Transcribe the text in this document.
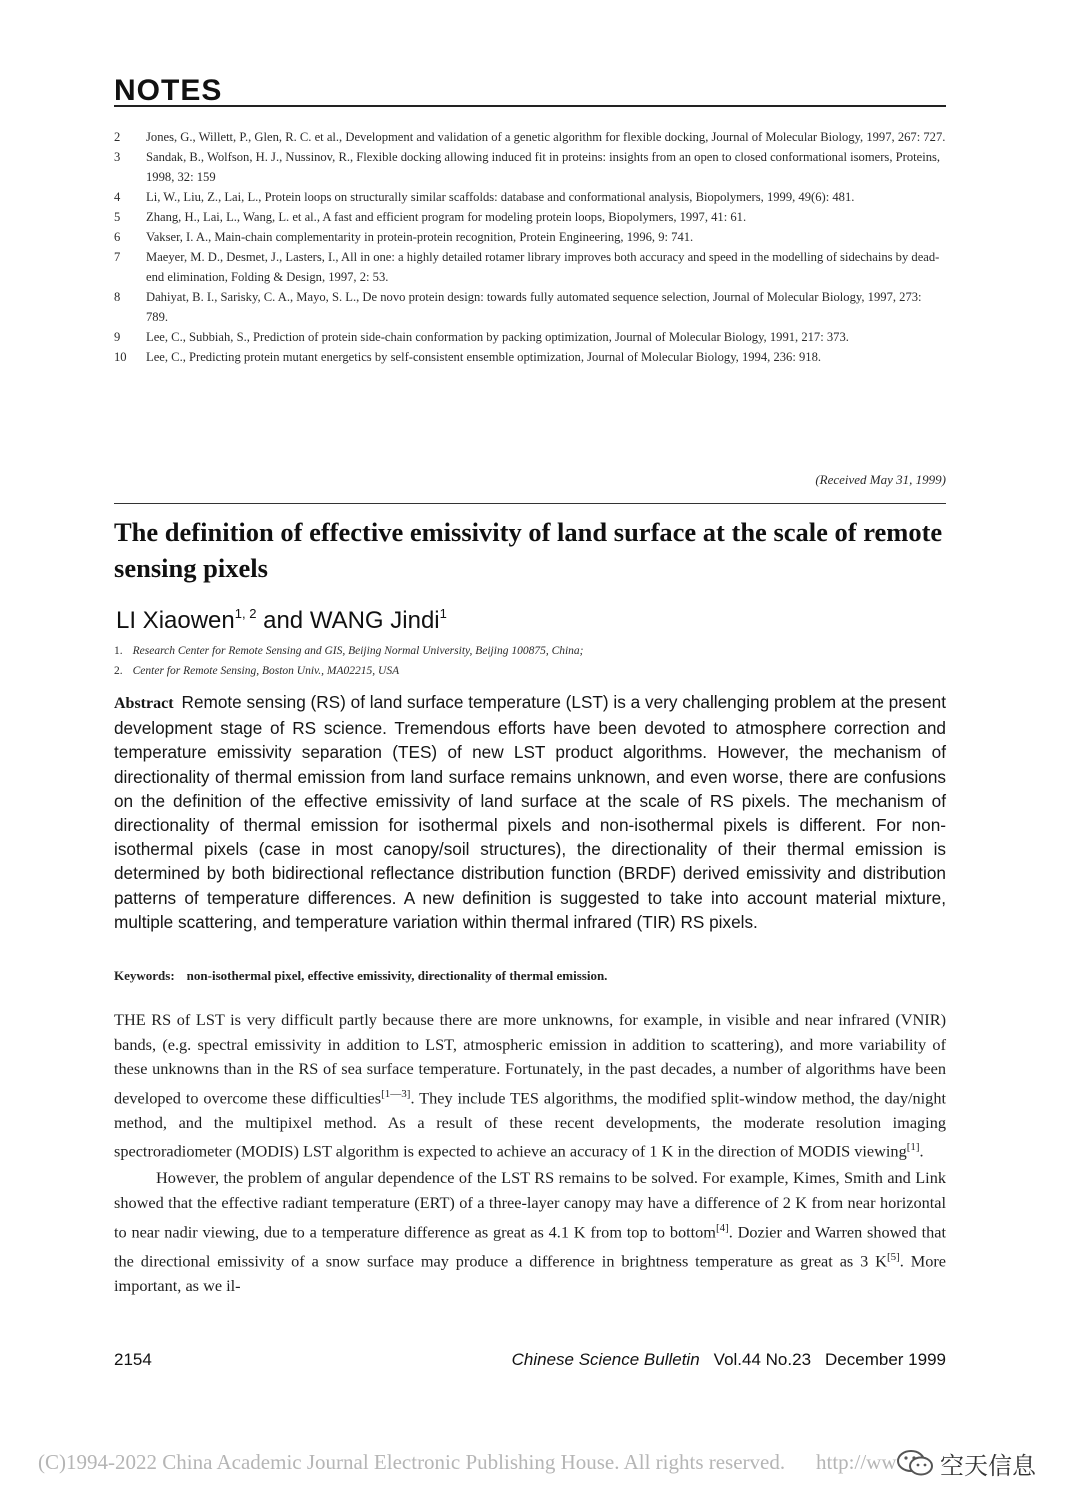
NOTES
2	Jones, G., Willett, P., Glen, R. C. et al., Development and validation of a genetic algorithm for flexible docking, Journal of Molecular Biology, 1997, 267: 727.
3	Sandak, B., Wolfson, H. J., Nussinov, R., Flexible docking allowing induced fit in proteins: insights from an open to closed conformational isomers, Proteins, 1998, 32: 159
4	Li, W., Liu, Z., Lai, L., Protein loops on structurally similar scaffolds: database and conformational analysis, Biopolymers, 1999, 49(6): 481.
5	Zhang, H., Lai, L., Wang, L. et al., A fast and efficient program for modeling protein loops, Biopolymers, 1997, 41: 61.
6	Vakser, I. A., Main-chain complementarity in protein-protein recognition, Protein Engineering, 1996, 9: 741.
7	Maeyer, M. D., Desmet, J., Lasters, I., All in one: a highly detailed rotamer library improves both accuracy and speed in the modelling of sidechains by dead-end elimination, Folding & Design, 1997, 2: 53.
8	Dahiyat, B. I., Sarisky, C. A., Mayo, S. L., De novo protein design: towards fully automated sequence selection, Journal of Molecular Biology, 1997, 273: 789.
9	Lee, C., Subbiah, S., Prediction of protein side-chain conformation by packing optimization, Journal of Molecular Biology, 1991, 217: 373.
10	Lee, C., Predicting protein mutant energetics by self-consistent ensemble optimization, Journal of Molecular Biology, 1994, 236: 918.
(Received May 31, 1999)
The definition of effective emissivity of land surface at the scale of remote sensing pixels
LI Xiaowen$^{1, 2}$ and WANG Jindi$^1$
1. Research Center for Remote Sensing and GIS, Beijing Normal University, Beijing 100875, China;
2. Center for Remote Sensing, Boston Univ., MA02215, USA
Abstract Remote sensing (RS) of land surface temperature (LST) is a very challenging problem at the present development stage of RS science. Tremendous efforts have been devoted to atmosphere correction and temperature emissivity separation (TES) of new LST product algorithms. However, the mechanism of directionality of thermal emission from land surface remains unknown, and even worse, there are confusions on the definition of the effective emissivity of land surface at the scale of RS pixels. The mechanism of directionality of thermal emission for isothermal pixels and non-isothermal pixels is different. For non-isothermal pixels (case in most canopy/soil structures), the directionality of their thermal emission is determined by both bidirectional reflectance distribution function (BRDF) derived emissivity and distribution patterns of temperature differences. A new definition is suggested to take into account material mixture, multiple scattering, and temperature variation within thermal infrared (TIR) RS pixels.
Keywords: non-isothermal pixel, effective emissivity, directionality of thermal emission.

THE RS of LST is very difficult partly because there are more unknowns, for example, in visible and near infrared (VNIR) bands, (e.g. spectral emissivity in addition to LST, atmospheric emission in addition to scattering), and more variability of these unknowns than in the RS of sea surface temperature. Fortunately, in the past decades, a number of algorithms have been developed to overcome these difficulties[1—3]. They include TES algorithms, the modified split-window method, the day/night method, and the multipixel method. As a result of these recent developments, the moderate resolution imaging spectroradiometer (MODIS) LST algorithm is expected to achieve an accuracy of 1 K in the direction of MODIS viewing[1].

However, the problem of angular dependence of the LST RS remains to be solved. For example, Kimes, Smith and Link showed that the effective radiant temperature (ERT) of a three-layer canopy may have a difference of 2 K from near horizontal to near nadir viewing, due to a temperature difference as great as 4.1 K from top to bottom[4]. Dozier and Warren showed that the directional emissivity of a snow surface may produce a difference in brightness temperature as great as 3 K[5]. More important, as we il-

2154	Chinese Science Bulletin Vol.44 No.23 December 1999
(C)1994-2022 China Academic Journal Electronic Publishing House. All rights reserved. http://ww 空天信息
